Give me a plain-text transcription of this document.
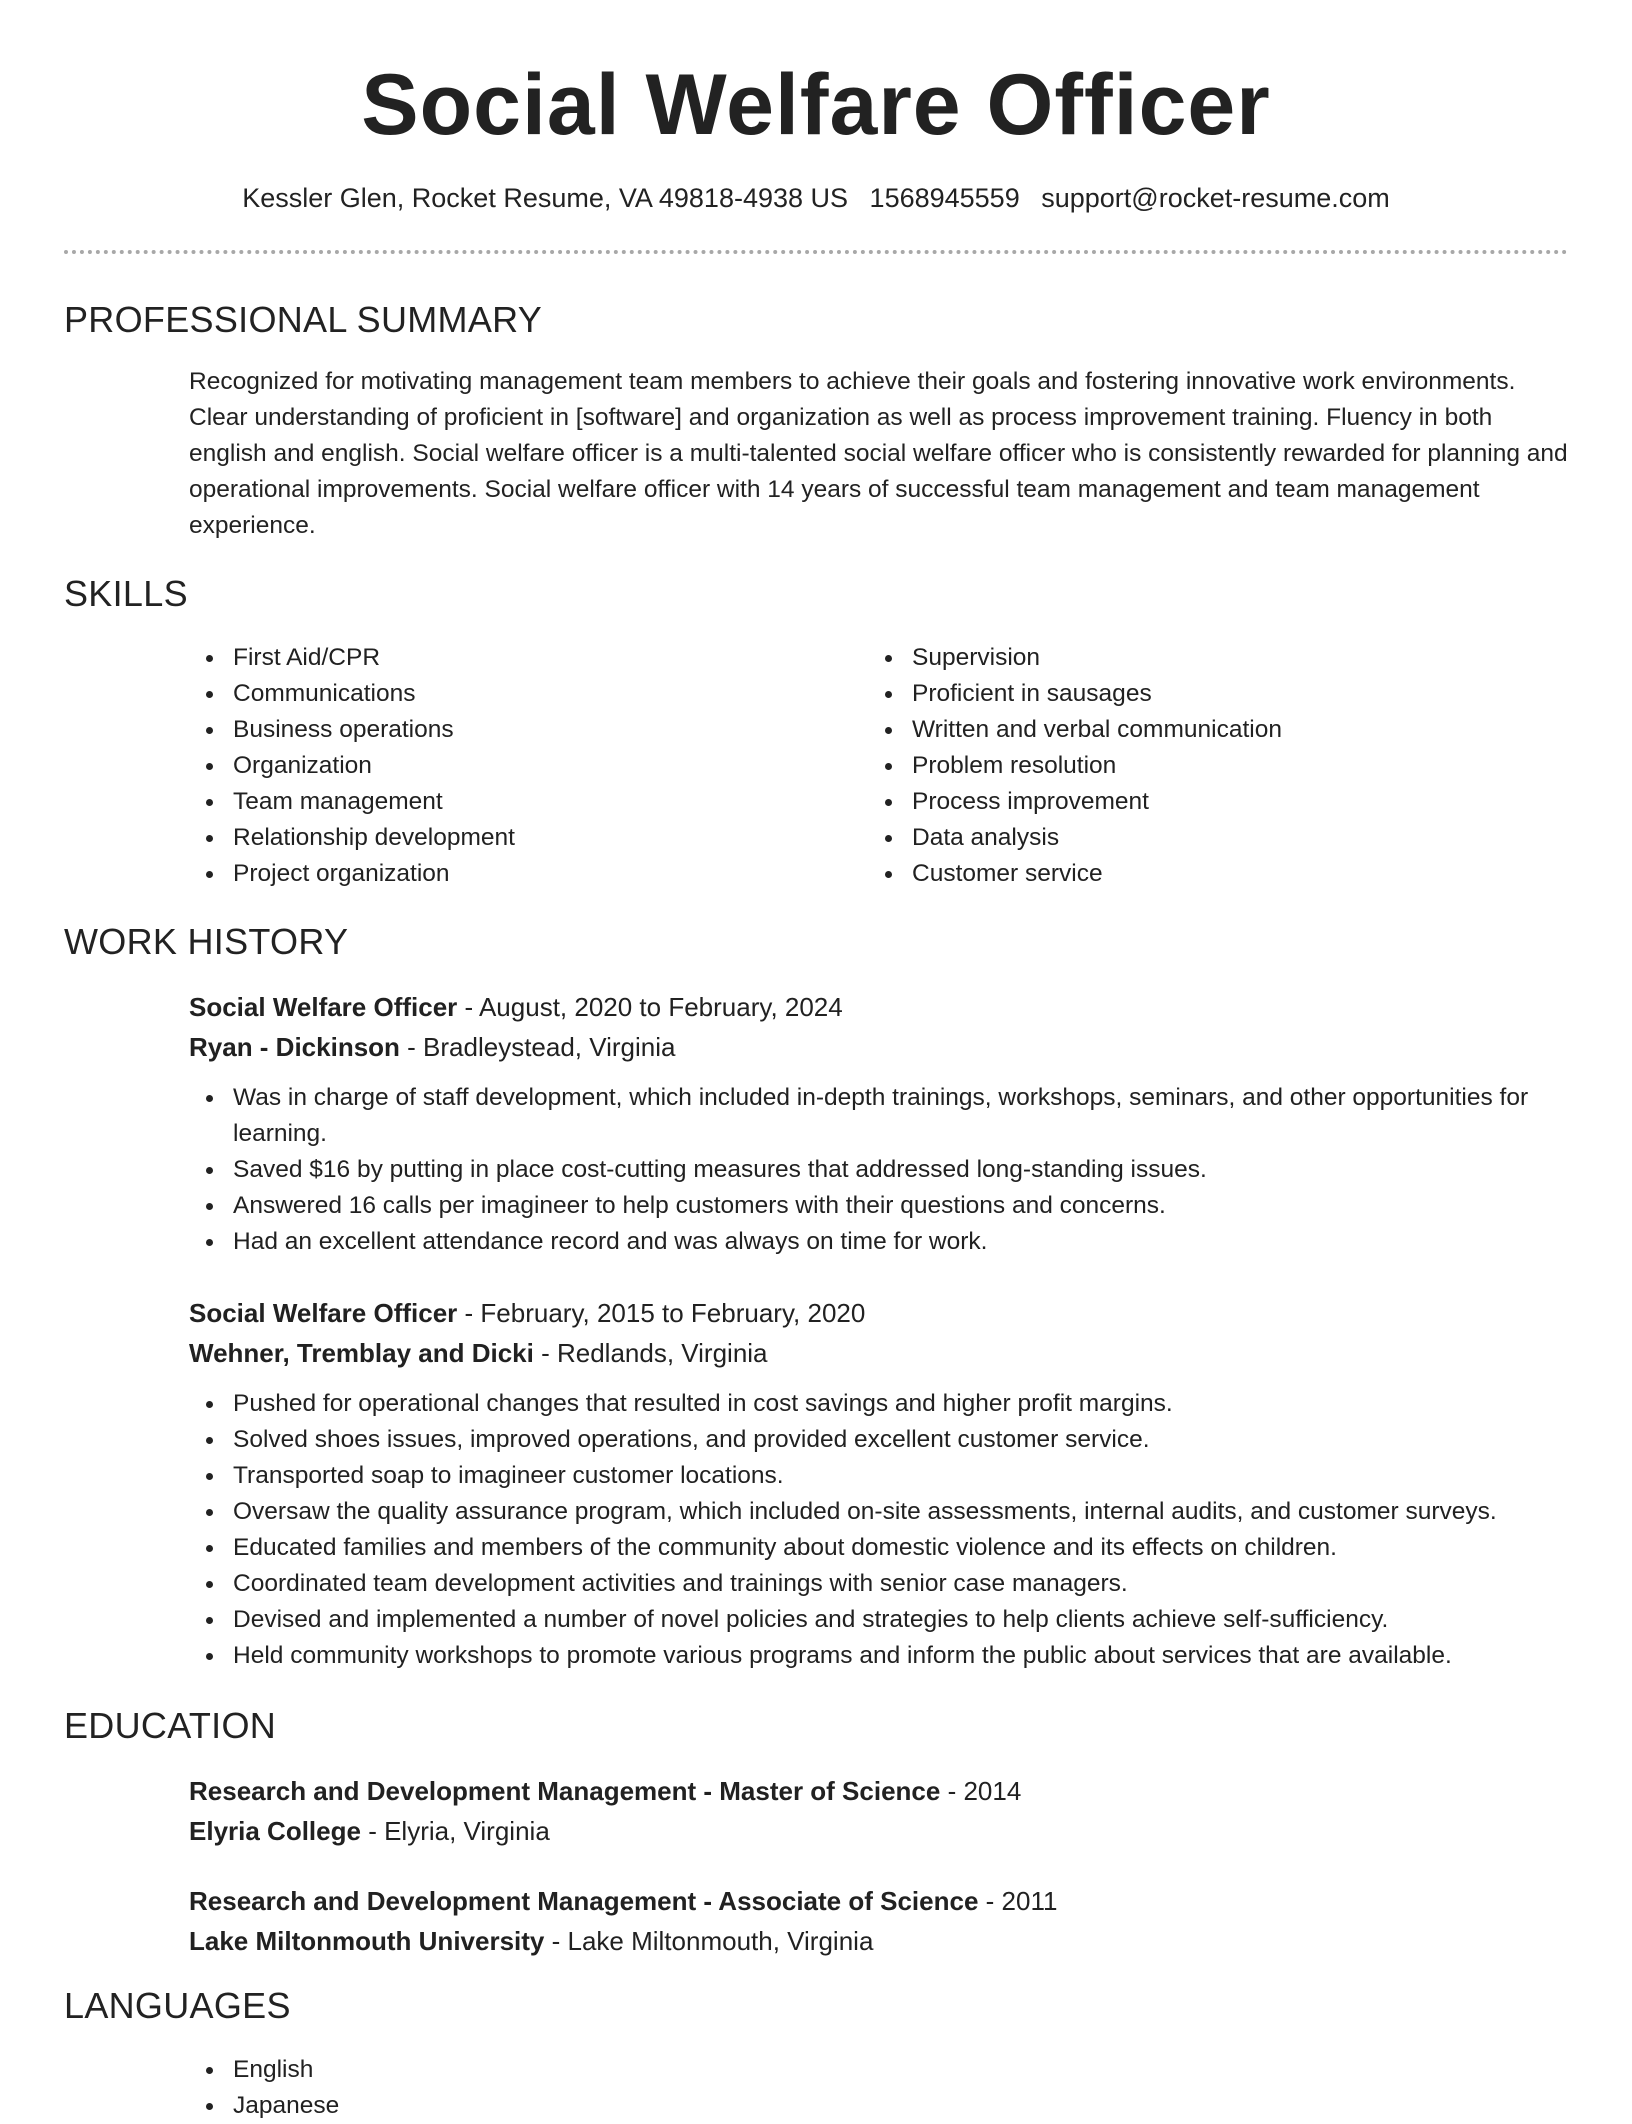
Social Welfare Officer
Kessler Glen, Rocket Resume, VA 49818-4938 US 1568945559 support@rocket-resume.com
PROFESSIONAL SUMMARY
Recognized for motivating management team members to achieve their goals and fostering innovative work environments. Clear understanding of proficient in [software] and organization as well as process improvement training. Fluency in both english and english. Social welfare officer is a multi-talented social welfare officer who is consistently rewarded for planning and operational improvements. Social welfare officer with 14 years of successful team management and team management experience.
SKILLS
First Aid/CPR
Communications
Business operations
Organization
Team management
Relationship development
Project organization
Supervision
Proficient in sausages
Written and verbal communication
Problem resolution
Process improvement
Data analysis
Customer service
WORK HISTORY
Social Welfare Officer - August, 2020 to February, 2024
Ryan - Dickinson - Bradleystead, Virginia
Was in charge of staff development, which included in-depth trainings, workshops, seminars, and other opportunities for learning.
Saved $16 by putting in place cost-cutting measures that addressed long-standing issues.
Answered 16 calls per imagineer to help customers with their questions and concerns.
Had an excellent attendance record and was always on time for work.
Social Welfare Officer - February, 2015 to February, 2020
Wehner, Tremblay and Dicki - Redlands, Virginia
Pushed for operational changes that resulted in cost savings and higher profit margins.
Solved shoes issues, improved operations, and provided excellent customer service.
Transported soap to imagineer customer locations.
Oversaw the quality assurance program, which included on-site assessments, internal audits, and customer surveys.
Educated families and members of the community about domestic violence and its effects on children.
Coordinated team development activities and trainings with senior case managers.
Devised and implemented a number of novel policies and strategies to help clients achieve self-sufficiency.
Held community workshops to promote various programs and inform the public about services that are available.
EDUCATION
Research and Development Management - Master of Science - 2014
Elyria College - Elyria, Virginia
Research and Development Management - Associate of Science - 2011
Lake Miltonmouth University - Lake Miltonmouth, Virginia
LANGUAGES
English
Japanese
